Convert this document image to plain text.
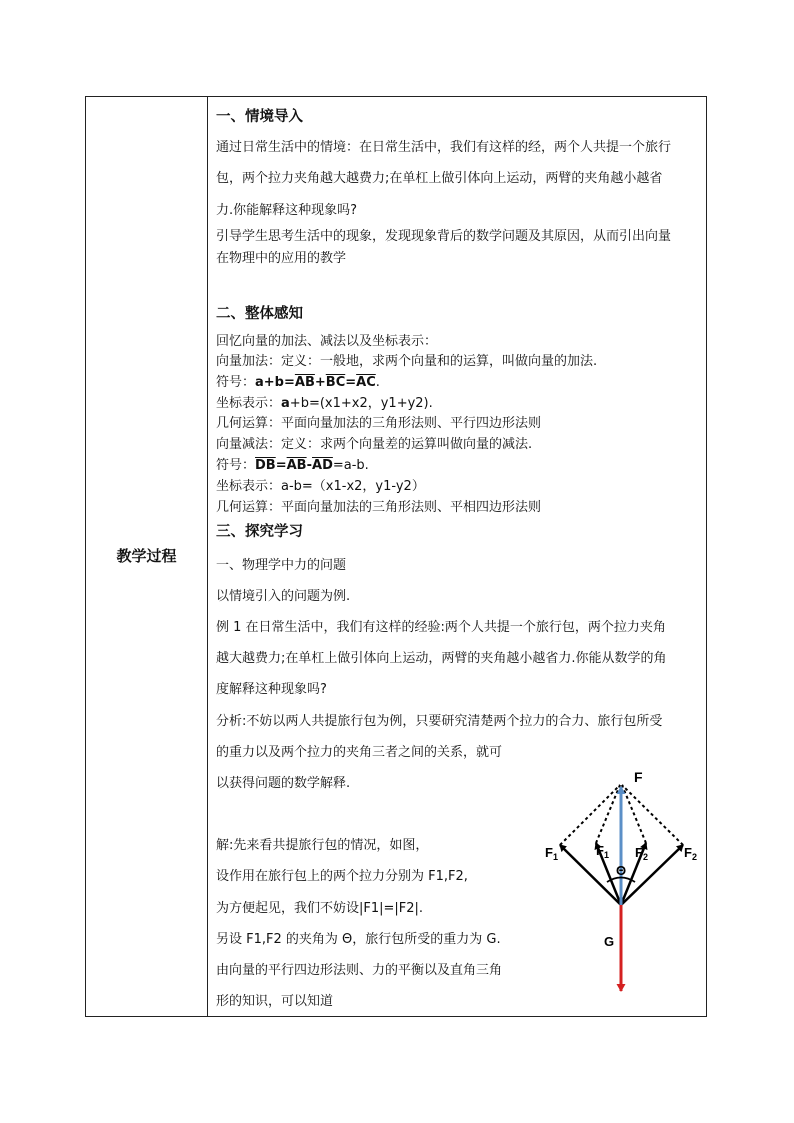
教学过程
一、情境导入
通过日常生活中的情境：在日常生活中，我们有这样的经，两个人共提一个旅行
包，两个拉力夹角越大越费力;在单杠上做引体向上运动，两臂的夹角越小越省
力.你能解释这种现象吗?
引导学生思考生活中的现象，发现现象背后的数学问题及其原因，从而引出向量
在物理中的应用的教学
二、整体感知
回忆向量的加法、减法以及坐标表示：
向量加法：定义：一般地，求两个向量和的运算，叫做向量的加法.
符号：$a+b=\overline{AB}+\overline{BC}=\overline{AC}$.
坐标表示：a+b=(x1+x2，y1+y2).
几何运算：平面向量加法的三角形法则、平行四边形法则
向量减法：定义：求两个向量差的运算叫做向量的减法.
符号：$\overline{DB}=\overline{AB}-\overline{AD}=a-b$.
坐标表示：a-b=（x1-x2，y1-y2）
几何运算：平面向量加法的三角形法则、平相四边形法则
三、探究学习
一、物理学中力的问题
以情境引入的问题为例.
例 1 在日常生活中，我们有这样的经验:两个人共提一个旅行包，两个拉力夹角
越大越费力;在单杠上做引体向上运动，两臂的夹角越小越省力.你能从数学的角
度解释这种现象吗?
分析:不妨以两人共提旅行包为例，只要研究清楚两个拉力的合力、旅行包所受
的重力以及两个拉力的夹角三者之间的关系，就可
以获得问题的数学解释.
解:先来看共提旅行包的情况，如图，
设作用在旅行包上的两个拉力分别为 F1,F2,
为方便起见，我们不妨设|F1|=|F2|.
另设 F1,F2 的夹角为 Θ，旅行包所受的重力为 G.
由向量的平行四边形法则、力的平衡以及直角三角
形的知识，可以知道
F
$F_1$	$F_1$ $F_2$	$F_2$
Θ
G
